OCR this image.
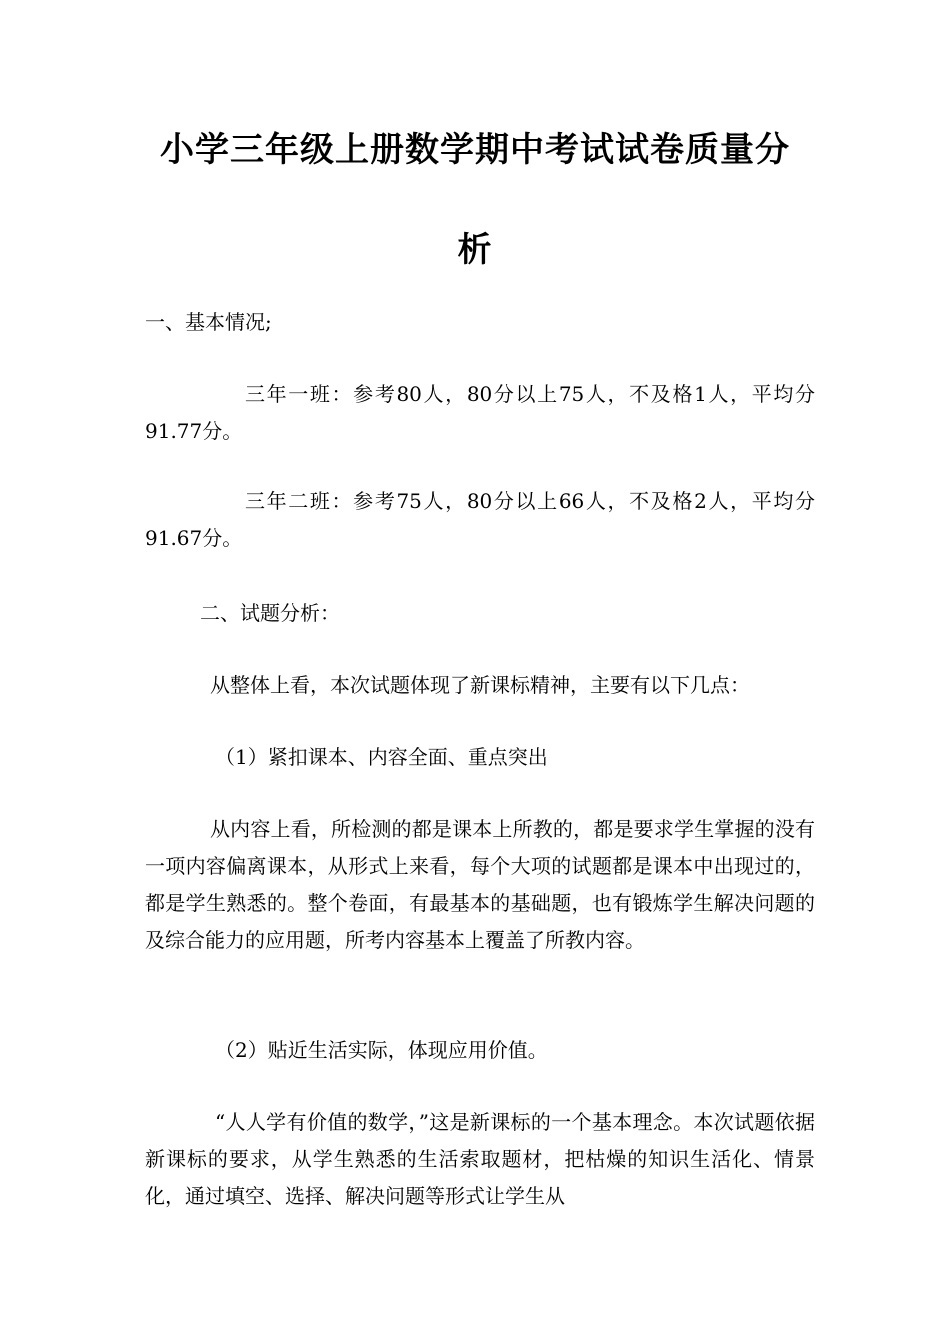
小学三年级上册数学期中考试试卷质量分
析

一、基本情况;

三年一班：参考80人，80分以上75人，不及格1人，平均分91.77分。

三年二班：参考75人，80分以上66人，不及格2人，平均分91.67分。

二、试题分析：

从整体上看，本次试题体现了新课标精神，主要有以下几点：

（1）紧扣课本、内容全面、重点突出

从内容上看，所检测的都是课本上所教的，都是要求学生掌握的没有一项内容偏离课本，从形式上来看，每个大项的试题都是课本中出现过的，都是学生熟悉的。整个卷面，有最基本的基础题，也有锻炼学生解决问题的及综合能力的应用题，所考内容基本上覆盖了所教内容。

（2）贴近生活实际，体现应用价值。

“人人学有价值的数学，”这是新课标的一个基本理念。本次试题依据新课标的要求，从学生熟悉的生活索取题材，把枯燥的知识生活化、情景化，通过填空、选择、解决问题等形式让学生从
